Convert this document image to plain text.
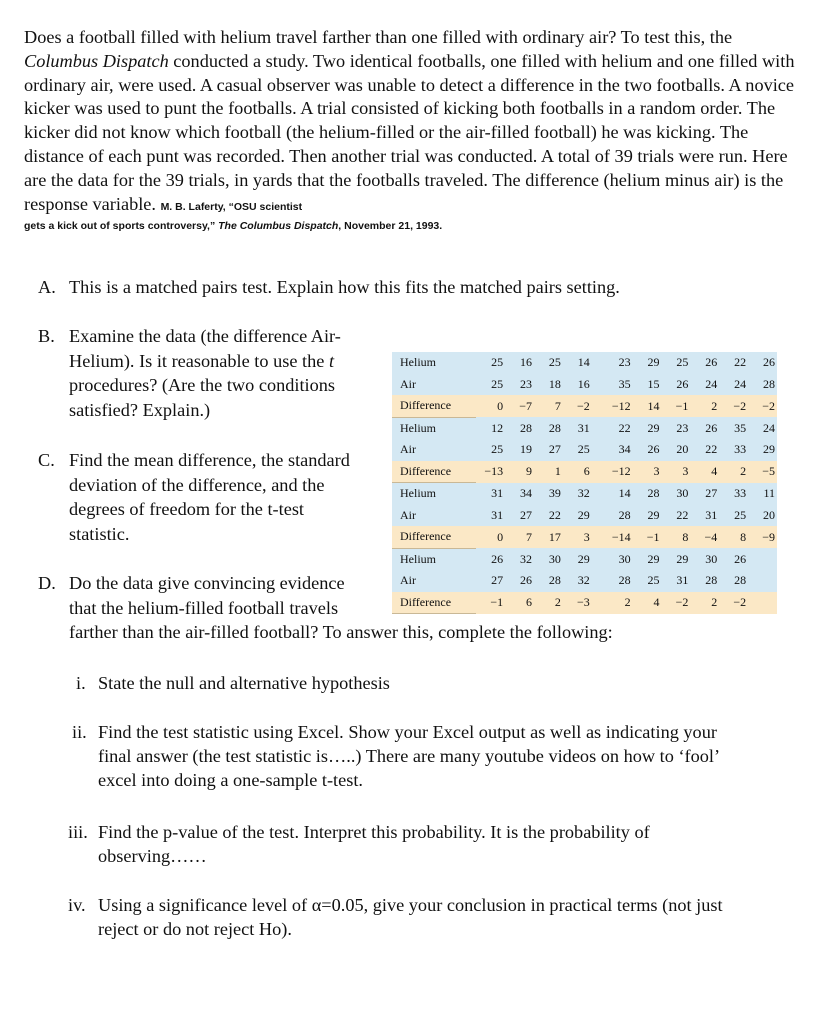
Does a football filled with helium travel farther than one filled with ordinary air? To test this, the Columbus Dispatch conducted a study. Two identical footballs, one filled with helium and one filled with ordinary air, were used. A casual observer was unable to detect a difference in the two footballs. A novice kicker was used to punt the footballs. A trial consisted of kicking both footballs in a random order. The kicker did not know which football (the helium-filled or the air-filled football) he was kicking. The distance of each punt was recorded. Then another trial was conducted. A total of 39 trials were run. Here are the data for the 39 trials, in yards that the footballs traveled. The difference (helium minus air) is the response variable. M. B. Laferty, “OSU scientist
gets a kick out of sports controversy,” The Columbus Dispatch, November 21, 1993.
A. This is a matched pairs test. Explain how this fits the matched pairs setting.
B. Examine the data (the difference Air-
Helium). Is it reasonable to use the t
procedures? (Are the two conditions
satisfied? Explain.)
C. Find the mean difference, the standard
deviation of the difference, and the
degrees of freedom for the t-test
statistic.
D. Do the data give convincing evidence
that the helium-filled football travels
farther than the air-filled football? To answer this, complete the following:
i. State the null and alternative hypothesis
ii. Find the test statistic using Excel. Show your Excel output as well as indicating your
final answer (the test statistic is…..) There are many youtube videos on how to ‘fool’
excel into doing a one-sample t-test.
iii. Find the p-value of the test. Interpret this probability. It is the probability of
observing……
iv. Using a significance level of α=0.05, give your conclusion in practical terms (not just
reject or do not reject Ho).
Helium	25	16	25	14		23	29	25	26	22	26
Air	25	23	18	16		35	15	26	24	24	28
Difference	0	−7	7	−2		−12	14	−1	2	−2	−2
Helium	12	28	28	31		22	29	23	26	35	24
Air	25	19	27	25		34	26	20	22	33	29
Difference	−13	9	1	6		−12	3	3	4	2	−5
Helium	31	34	39	32		14	28	30	27	33	11
Air	31	27	22	29		28	29	22	31	25	20
Difference	0	7	17	3		−14	−1	8	−4	8	−9
Helium	26	32	30	29		30	29	29	30	26	
Air	27	26	28	32		28	25	31	28	28	
Difference	−1	6	2	−3		2	4	−2	2	−2	
